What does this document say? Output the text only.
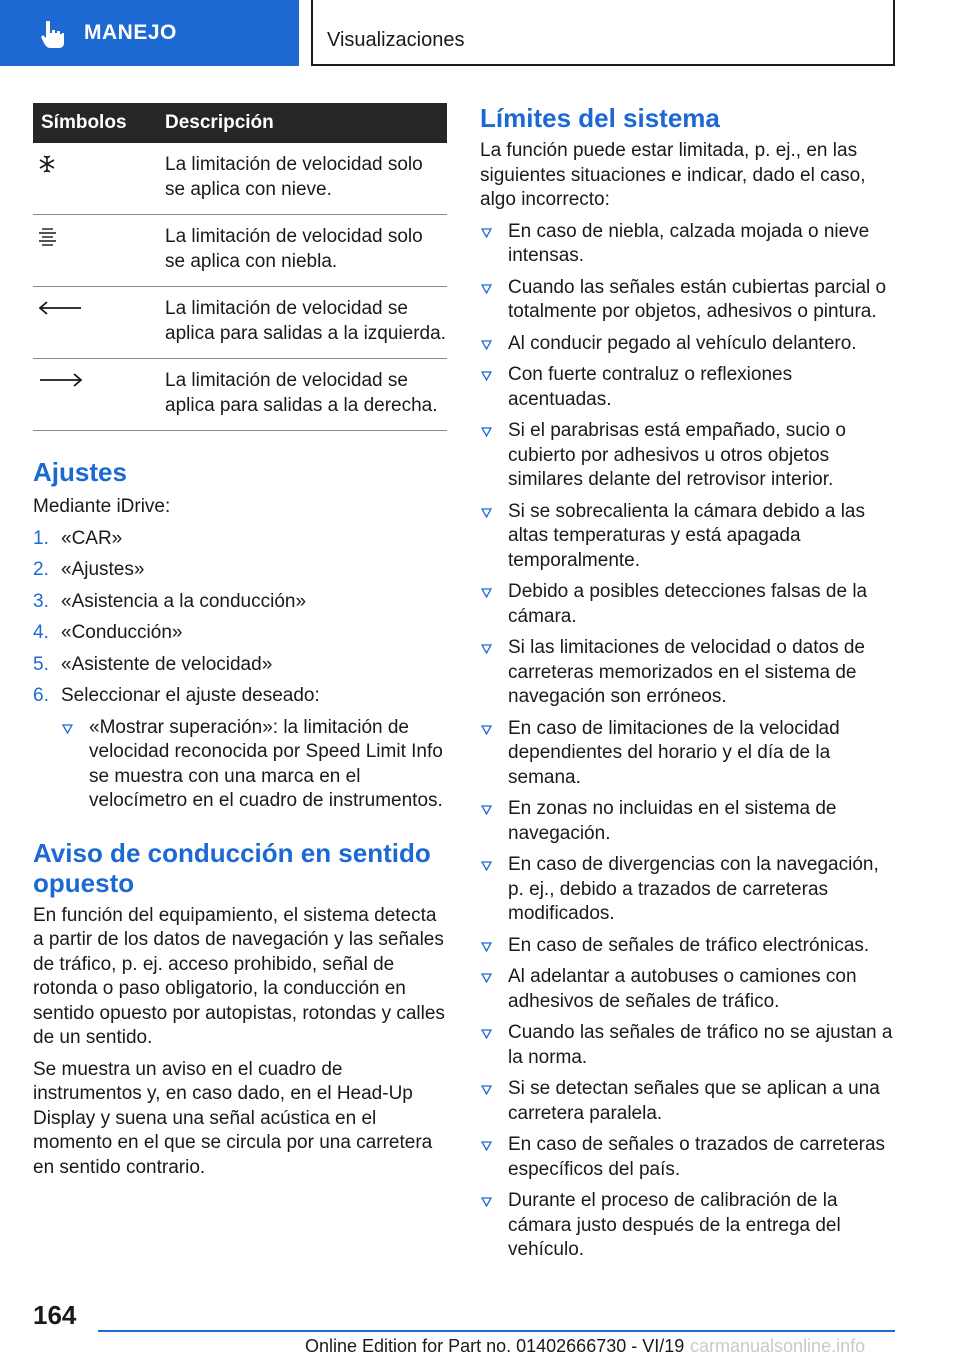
MANEJO	Visualizaciones
Símbolos	Descripción

	La limitación de velocidad solo se aplica con nieve.

	La limitación de velocidad solo se aplica con niebla.

	La limitación de velocidad se aplica para salidas a la izquierda.

	La limitación de velocidad se aplica para salidas a la derecha.
Ajustes

Mediante iDrive:

1. «CAR»
2. «Ajustes»
3. «Asistencia a la conducción»
4. «Conducción»
5. «Asistente de velocidad»
6. Seleccionar el ajuste deseado:
«Mostrar superación»: la limitación de velocidad reconocida por Speed Limit Info se muestra con una marca en el velocímetro en el cuadro de instrumentos.
Aviso de conducción en sentido opuesto

En función del equipamiento, el sistema detecta a partir de los datos de navegación y las señales de tráfico, p. ej. acceso prohibido, señal de rotonda o paso obligatorio, la conducción en sentido opuesto por autopistas, rotondas y calles de un sentido.

Se muestra un aviso en el cuadro de instrumentos y, en caso dado, en el Head-Up Display y suena una señal acústica en el momento en el que se circula por una carretera en sentido contrario.

Límites del sistema

La función puede estar limitada, p. ej., en las siguientes situaciones e indicar, dado el caso, algo incorrecto:

En caso de niebla, calzada mojada o nieve intensas.
Cuando las señales están cubiertas parcial o totalmente por objetos, adhesivos o pintura.
Al conducir pegado al vehículo delantero.
Con fuerte contraluz o reflexiones acentuadas.
Si el parabrisas está empañado, sucio o cubierto por adhesivos u otros objetos similares delante del retrovisor interior.
Si se sobrecalienta la cámara debido a las altas temperaturas y está apagada temporalmente.
Debido a posibles detecciones falsas de la cámara.
Si las limitaciones de velocidad o datos de carreteras memorizados en el sistema de navegación son erróneos.
En caso de limitaciones de la velocidad dependientes del horario y el día de la semana.
En zonas no incluidas en el sistema de navegación.
En caso de divergencias con la navegación, p. ej., debido a trazados de carreteras modificados.
En caso de señales de tráfico electrónicas.
Al adelantar a autobuses o camiones con adhesivos de señales de tráfico.
Cuando las señales de tráfico no se ajustan a la norma.
Si se detectan señales que se aplican a una carretera paralela.
En caso de señales o trazados de carreteras específicos del país.
Durante el proceso de calibración de la cámara justo después de la entrega del vehículo.
164
Online Edition for Part no. 01402666730 - VI/19 carmanualsonline.info
